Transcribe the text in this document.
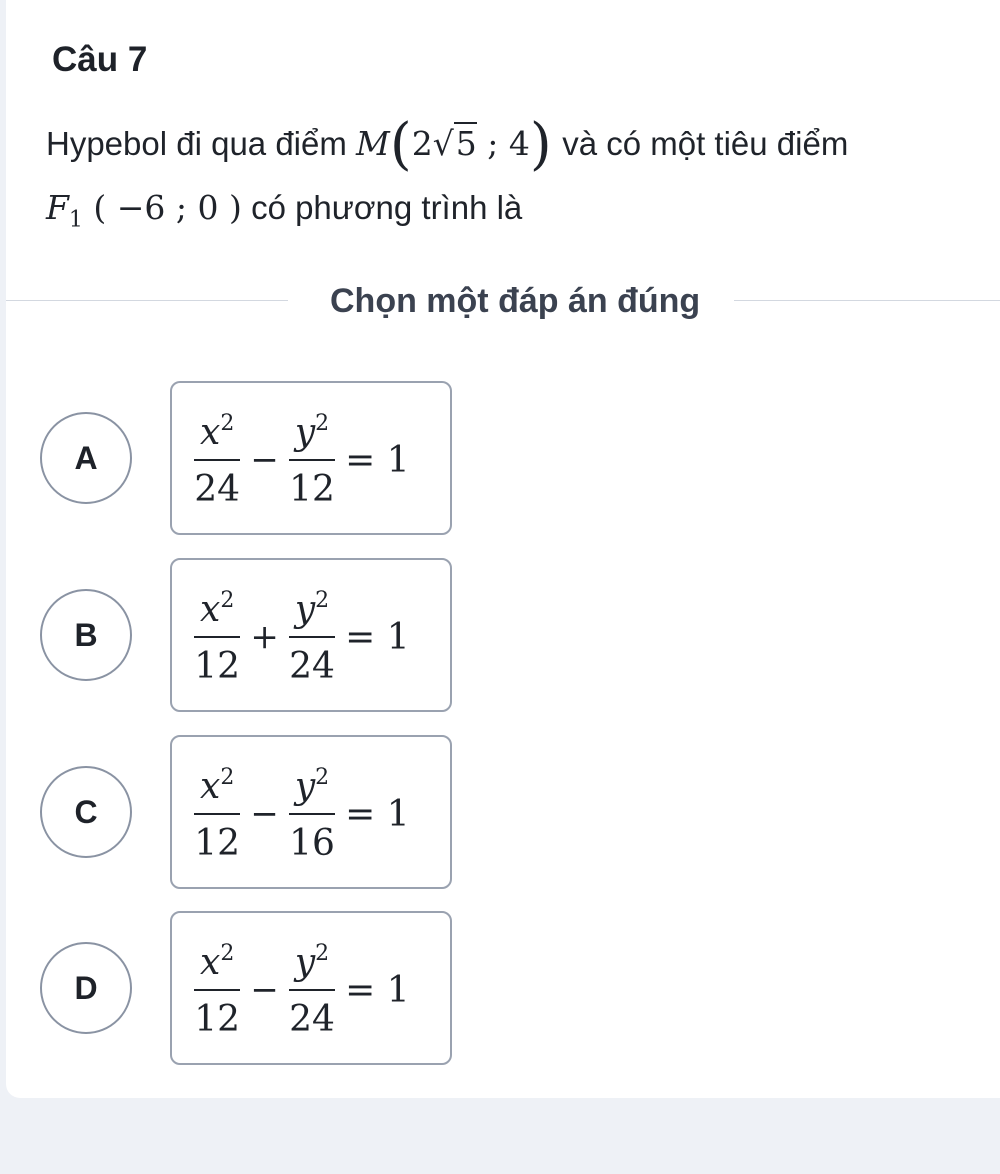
Câu 7
Hypebol đi qua điểm M(2√5 ; 4) và có một tiêu điểm
$F_1$ ( −6 ; 0 ) có phương trình là
Chọn một đáp án đúng
A	$\frac{x^2}{24} - \frac{y^2}{12} = 1$
B	$\frac{x^2}{12} + \frac{y^2}{24} = 1$
C	$\frac{x^2}{12} - \frac{y^2}{16} = 1$
D	$\frac{x^2}{12} - \frac{y^2}{24} = 1$
